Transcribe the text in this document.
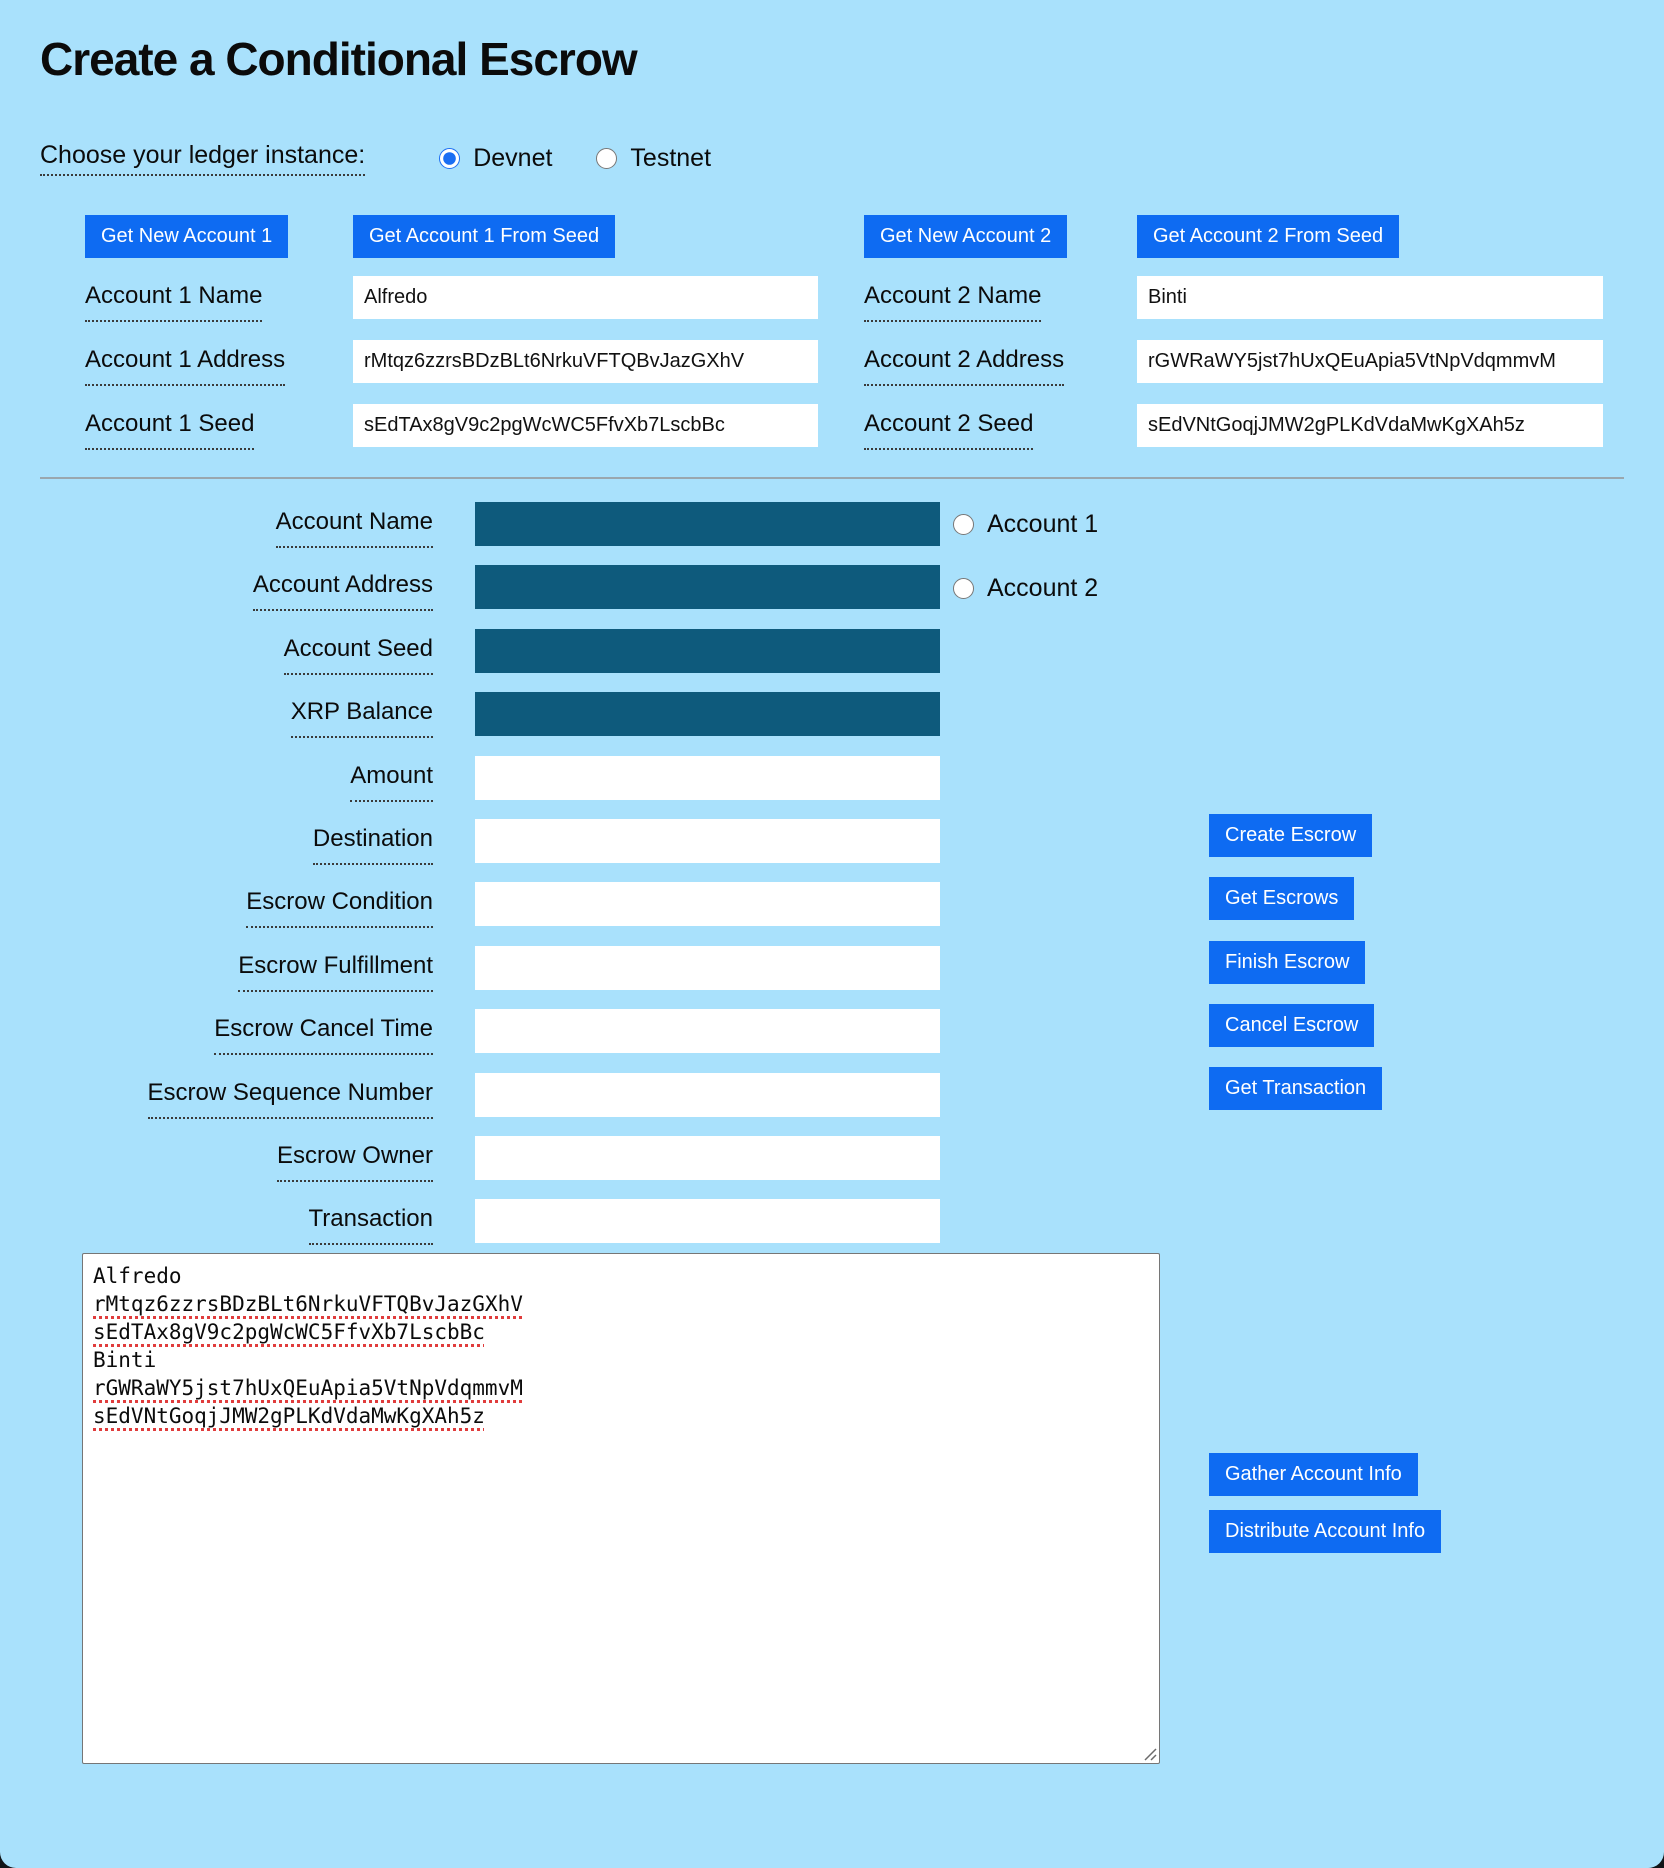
Create a Conditional Escrow
Choose your ledger instance:	Devnet	Testnet
Get New Account 1	Get Account 1 From Seed	Get New Account 2	Get Account 2 From Seed
Account 1 Name
Alfredo
Account 1 Address
rMtqz6zzrsBDzBLt6NrkuVFTQBvJazGXhV
Account 1 Seed
sEdTAx8gV9c2pgWcWC5FfvXb7LscbBc
Account 2 Name
Binti
Account 2 Address
rGWRaWY5jst7hUxQEuApia5VtNpVdqmmvM
Account 2 Seed
sEdVNtGoqjJMW2gPLKdVdaMwKgXAh5z
Account Name
Account Address
Account Seed
XRP Balance
Amount
Destination
Escrow Condition
Escrow Fulfillment
Escrow Cancel Time
Escrow Sequence Number
Escrow Owner
Transaction
Account 1
Account 2
Create Escrow
Get Escrows
Finish Escrow
Cancel Escrow
Get Transaction
Alfredo
rMtqz6zzrsBDzBLt6NrkuVFTQBvJazGXhV
sEdTAx8gV9c2pgWcWC5FfvXb7LscbBc
Binti
rGWRaWY5jst7hUxQEuApia5VtNpVdqmmvM
sEdVNtGoqjJMW2gPLKdVdaMwKgXAh5z
Gather Account Info
Distribute Account Info
